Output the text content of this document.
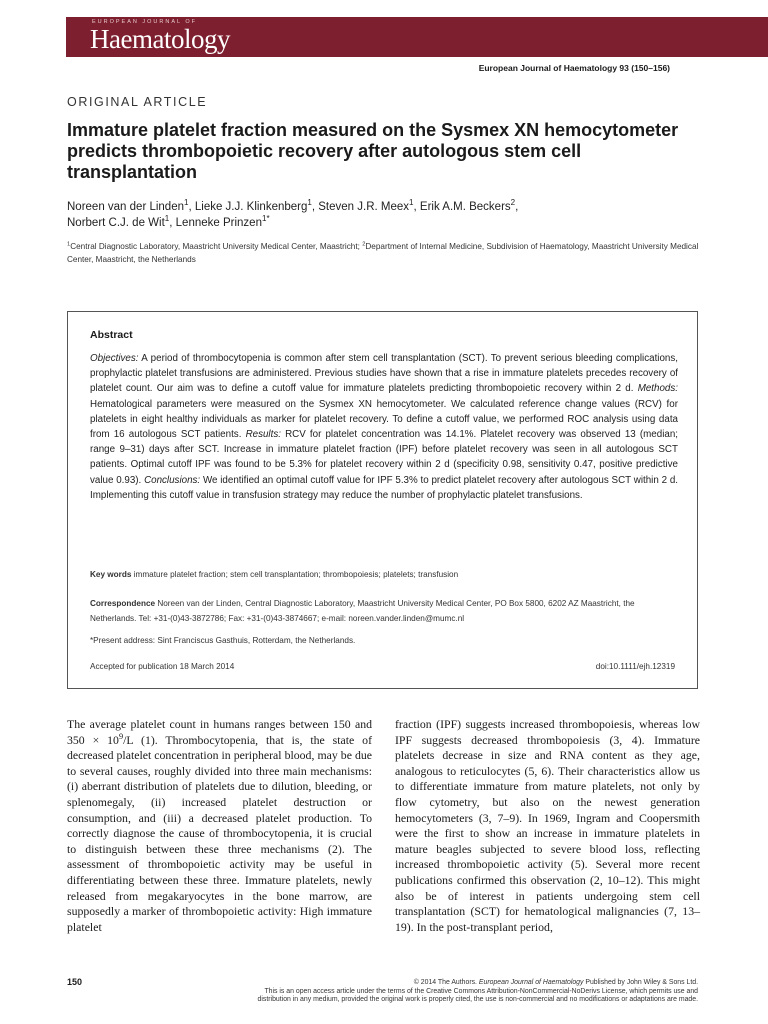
EUROPEAN JOURNAL OF
Haematology
European Journal of Haematology 93 (150–156)
ORIGINAL ARTICLE
Immature platelet fraction measured on the Sysmex XN hemocytometer predicts thrombopoietic recovery after autologous stem cell transplantation
Noreen van der Linden$^1$, Lieke J.J. Klinkenberg$^1$, Steven J.R. Meex$^1$, Erik A.M. Beckers$^2$,
Norbert C.J. de Wit$^1$, Lenneke Prinzen$^{1*}$
$^1$Central Diagnostic Laboratory, Maastricht University Medical Center, Maastricht; $^2$Department of Internal Medicine, Subdivision of Haematology, Maastricht University Medical Center, Maastricht, the Netherlands
Abstract
Objectives: A period of thrombocytopenia is common after stem cell transplantation (SCT). To prevent serious bleeding complications, prophylactic platelet transfusions are administered. Previous studies have shown that a rise in immature platelets precedes recovery of platelet count. Our aim was to define a cutoff value for immature platelets predicting thrombopoietic recovery within 2 d. Methods: Hematological parameters were measured on the Sysmex XN hemocytometer. We calculated reference change values (RCV) for platelets in eight healthy individuals as marker for platelet recovery. To define a cutoff value, we performed ROC analysis using data from 16 autologous SCT patients. Results: RCV for platelet concentration was 14.1%. Platelet recovery was observed 13 (median; range 9–31) days after SCT. Increase in immature platelet fraction (IPF) before platelet recovery was seen in all autologous SCT patients. Optimal cutoff IPF was found to be 5.3% for platelet recovery within 2 d (specificity 0.98, sensitivity 0.47, positive predictive value 0.93). Conclusions: We identified an optimal cutoff value for IPF 5.3% to predict platelet recovery after autologous SCT within 2 d. Implementing this cutoff value in transfusion strategy may reduce the number of prophylactic platelet transfusions.
Key words immature platelet fraction; stem cell transplantation; thrombopoiesis; platelets; transfusion
Correspondence Noreen van der Linden, Central Diagnostic Laboratory, Maastricht University Medical Center, PO Box 5800, 6202 AZ Maastricht, the Netherlands. Tel: +31-(0)43-3872786; Fax: +31-(0)43-3874667; e-mail: noreen.vander.linden@mumc.nl
*Present address: Sint Franciscus Gasthuis, Rotterdam, the Netherlands.
Accepted for publication 18 March 2014	doi:10.1111/ejh.12319

The average platelet count in humans ranges between 150 and $350 \times 10^9/L$ (1). Thrombocytopenia, that is, the state of decreased platelet concentration in peripheral blood, may be due to several causes, roughly divided into three main mechanisms: (i) aberrant distribution of platelets due to dilution, bleeding, or splenomegaly, (ii) increased platelet destruction or consumption, and (iii) a decreased platelet production. To correctly diagnose the cause of thrombocytopenia, it is crucial to distinguish between these three mechanisms (2). The assessment of thrombopoietic activity may be useful in differentiating between these three. Immature platelets, newly released from megakaryocytes in the bone marrow, are supposedly a marker of thrombopoietic activity: High immature platelet

fraction (IPF) suggests increased thrombopoiesis, whereas low IPF suggests decreased thrombopoiesis (3, 4). Immature platelets decrease in size and RNA content as they age, analogous to reticulocytes (5, 6). Their characteristics allow us to differentiate immature from mature platelets, not only by flow cytometry, but also on the newest generation hemocytometers (3, 7–9). In 1969, Ingram and Coopersmith were the first to show an increase in immature platelets in mature beagles subjected to severe blood loss, reflecting increased thrombopoietic activity (5). Several more recent publications confirmed this observation (2, 10–12). This might also be of interest in patients undergoing stem cell transplantation (SCT) for hematological malignancies (7, 13–19). In the post-transplant period,

150	© 2014 The Authors. European Journal of Haematology Published by John Wiley & Sons Ltd.
This is an open access article under the terms of the Creative Commons Attribution-NonCommercial-NoDerivs License, which permits use and
distribution in any medium, provided the original work is properly cited, the use is non-commercial and no modifications or adaptations are made.
